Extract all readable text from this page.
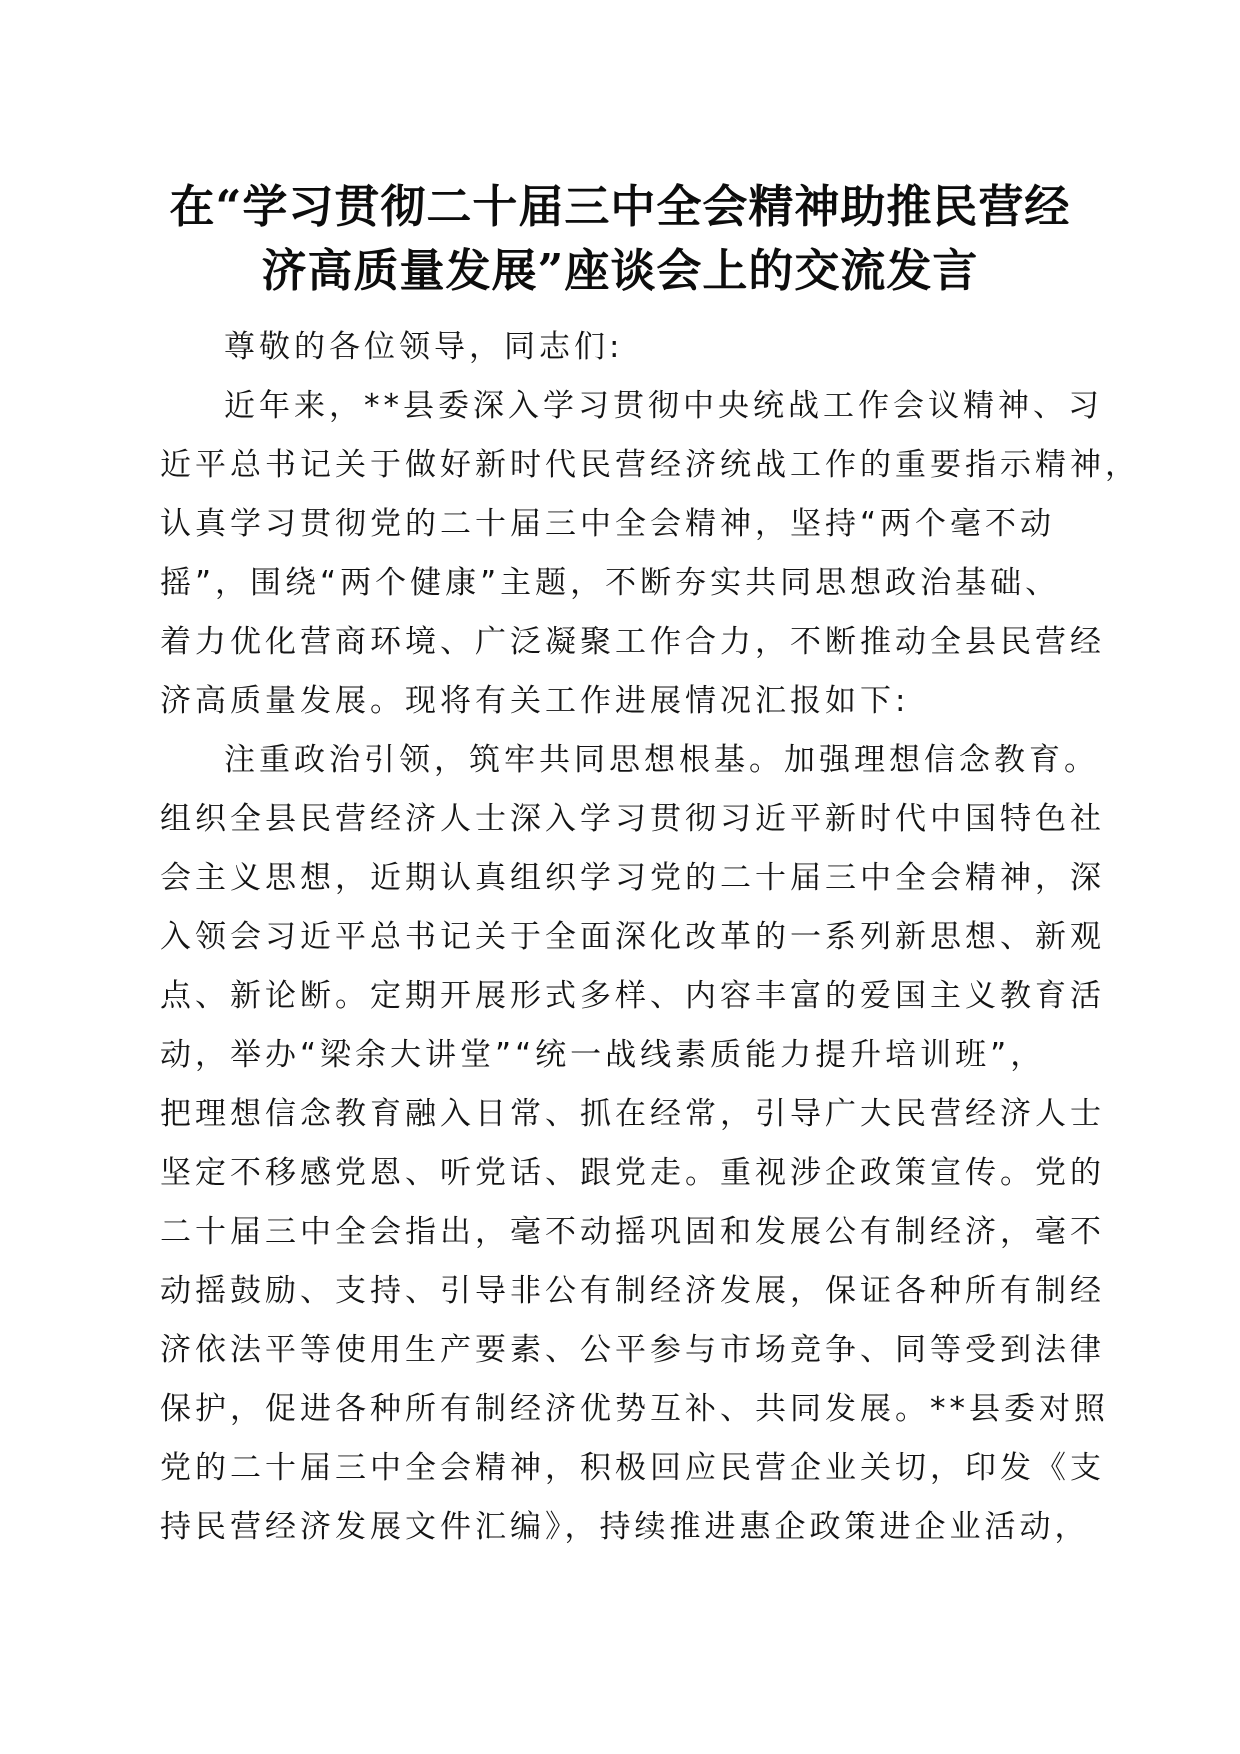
在“学习贯彻二十届三中全会精神助推民营经
济高质量发展”座谈会上的交流发言
尊敬的各位领导，同志们:
近年来，**县委深入学习贯彻中央统战工作会议精神、习
近平总书记关于做好新时代民营经济统战工作的重要指示精神，
认真学习贯彻党的二十届三中全会精神，坚持“两个毫不动
摇”，围绕“两个健康”主题，不断夯实共同思想政治基础、
着力优化营商环境、广泛凝聚工作合力，不断推动全县民营经
济高质量发展。现将有关工作进展情况汇报如下:
注重政治引领，筑牢共同思想根基。加强理想信念教育。
组织全县民营经济人士深入学习贯彻习近平新时代中国特色社
会主义思想，近期认真组织学习党的二十届三中全会精神，深
入领会习近平总书记关于全面深化改革的一系列新思想、新观
点、新论断。定期开展形式多样、内容丰富的爱国主义教育活
动，举办“梁余大讲堂”“统一战线素质能力提升培训班”，
把理想信念教育融入日常、抓在经常，引导广大民营经济人士
坚定不移感党恩、听党话、跟党走。重视涉企政策宣传。党的
二十届三中全会指出，毫不动摇巩固和发展公有制经济，毫不
动摇鼓励、支持、引导非公有制经济发展，保证各种所有制经
济依法平等使用生产要素、公平参与市场竞争、同等受到法律
保护，促进各种所有制经济优势互补、共同发展。**县委对照
党的二十届三中全会精神，积极回应民营企业关切，印发《支
持民营经济发展文件汇编》，持续推进惠企政策进企业活动，
